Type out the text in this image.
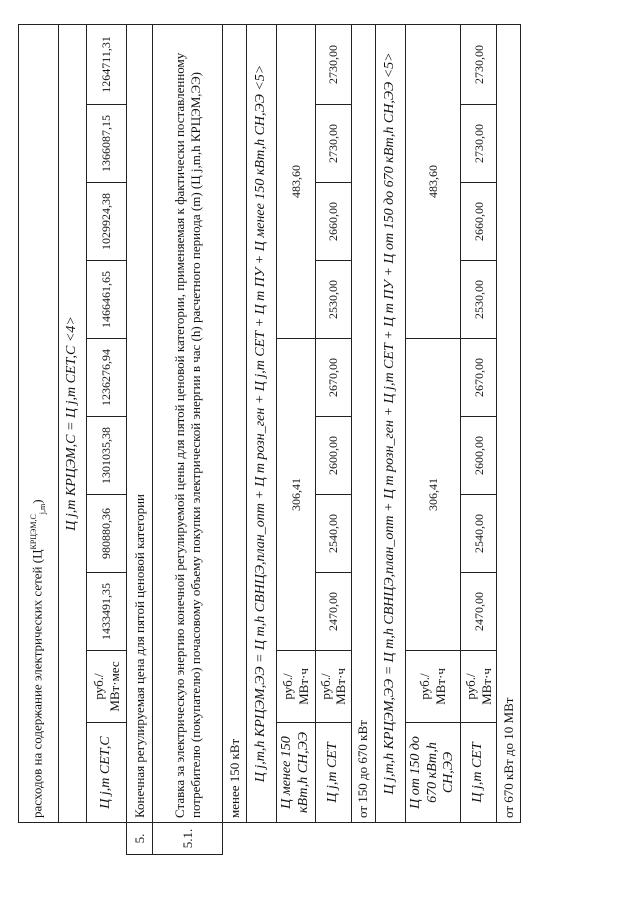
	расходов на содержание электрических сетей $(Ц^{КРЦЭМ,С}_{j,m})$									
	Ц j,m КРЦЭМ,С = Ц j,m СЕТ,С <4>									
	Ц j,m СЕТ,С	руб./ МВт·мес	1433491,35	980880,36	1301035,38	1236276,94	1466461,65	1029924,38	1366087,15	1264711,31
5.	Конечная регулируемая цена для пятой ценовой категории									
5.1.	Ставка за электрическую энергию конечной регулируемой цены для пятой ценовой категории, применяемая к фактически поставленному потребителю (покупателю) почасовому объему покупки электрической энергии в час (h) расчетного периода (m) (Ц j,m,h КРЦЭМ,ЭЭ)									
	менее 150 кВт									
	Ц j,m,h КРЦЭМ,ЭЭ = Ц m,h СВНЦЭ,план_опт + Ц m розн_ген + Ц j,m СЕТ + Ц m ПУ + Ц менее 150 кВт,h СН,ЭЭ <5>									
	Ц менее 150 кВт,h СН,ЭЭ	руб./ МВт·ч	306,41				483,60			
	Ц j,m СЕТ	руб./ МВт·ч	2470,00	2540,00	2600,00	2670,00	2530,00	2660,00	2730,00	2730,00
	от 150 до 670 кВт									
	Ц j,m,h КРЦЭМ,ЭЭ = Ц m,h СВНЦЭ,план_опт + Ц m розн_ген + Ц j,m СЕТ + Ц m ПУ + Ц от 150 до 670 кВт,h СН,ЭЭ <5>									
	Ц от 150 до 670 кВт,h СН,ЭЭ	руб./ МВт·ч	306,41				483,60			
	Ц j,m СЕТ	руб./ МВт·ч	2470,00	2540,00	2600,00	2670,00	2530,00	2660,00	2730,00	2730,00
	от 670 кВт до 10 МВт									
